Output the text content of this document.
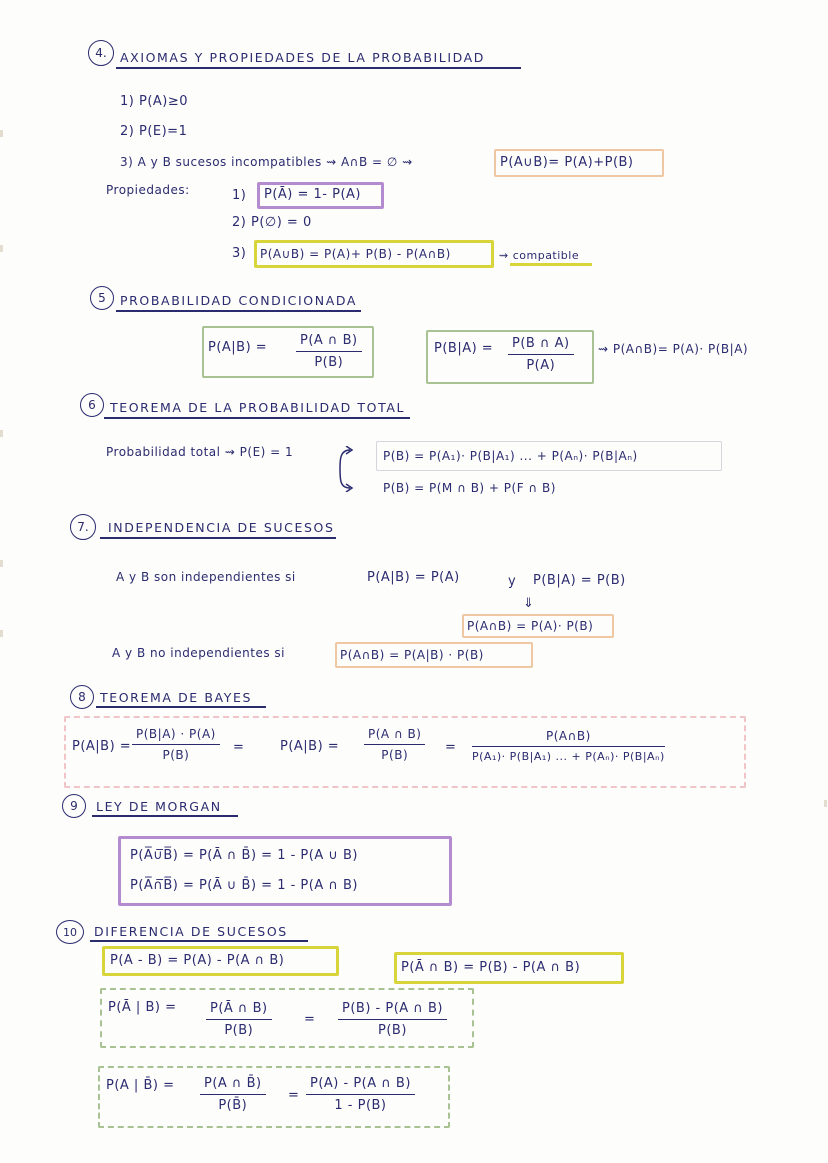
4.	AXIOMAS Y PROPIEDADES DE LA PROBABILIDAD
1) P(A)≥0
2) P(E)=1
3) A y B sucesos incompatibles ⇝ A∩B = ∅ ⇝	P(A∪B)= P(A)+P(B)
Propiedades:	1) P(Ā) = 1- P(A)
2) P(∅) = 0
3) P(A∪B) = P(A)+ P(B) - P(A∩B)	⇝ compatible
5	PROBABILIDAD CONDICIONADA
P(A|B) =	P(A ∩ B)
P(B)
P(B|A) =	P(B ∩ A)
P(A)
⇝ P(A∩B)= P(A)· P(B|A)
6	TEOREMA DE LA PROBABILIDAD TOTAL
Probabilidad total ⇝ P(E) = 1	P(B) = P(A₁)· P(B|A₁) ... + P(Aₙ)· P(B|Aₙ)
P(B) = P(M ∩ B) + P(F ∩ B)
7.	INDEPENDENCIA DE SUCESOS
A y B son independientes si	P(A|B) = P(A)	y P(B|A) = P(B)
⇓
P(A∩B) = P(A)· P(B)
A y B no independientes si	P(A∩B) = P(A|B) · P(B)
8	TEOREMA DE BAYES
P(A|B) =
P(B|A) · P(A)
P(B)
=	P(A|B) =
P(A ∩ B)
P(B)
=
P(A∩B)
P(A₁)· P(B|A₁) ... + P(Aₙ)· P(B|Aₙ)
9	LEY DE MORGAN
P(A̅∪̅B̅) = P(Ā ∩ B̄) = 1 - P(A ∪ B)
P(A̅∩̅B̅) = P(Ā ∪ B̄) = 1 - P(A ∩ B)
10	DIFERENCIA DE SUCESOS
P(A - B) = P(A) - P(A ∩ B)	P(Ā ∩ B) = P(B) - P(A ∩ B)
P(Ā | B) =	P(Ā ∩ B)
P(B)
=
P(B) - P(A ∩ B)
P(B)
P(A | B̄) =	P(A ∩ B̄)
P(B̄)
=
P(A) - P(A ∩ B)
1 - P(B)
